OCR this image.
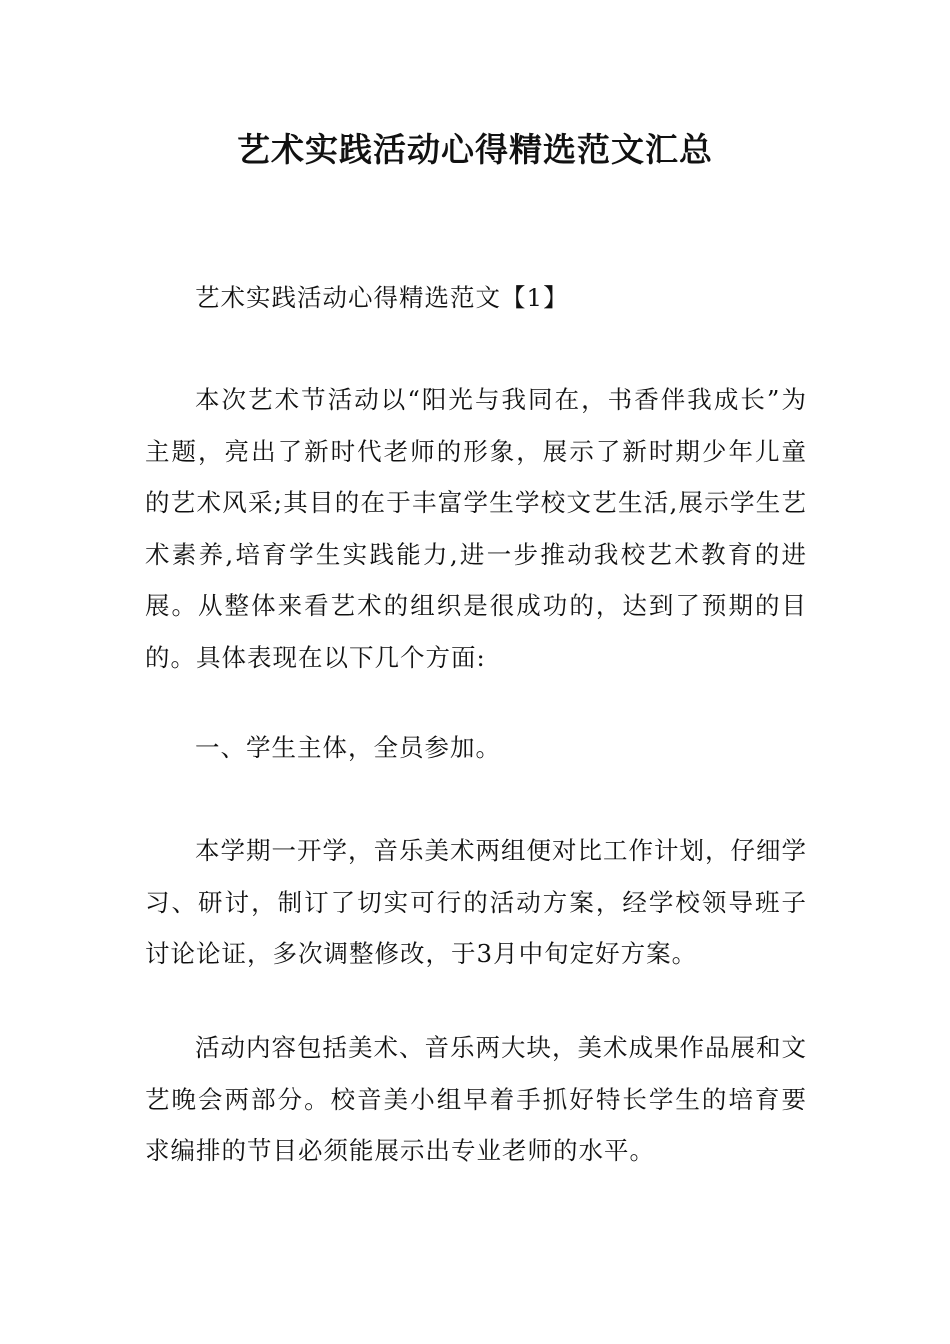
艺术实践活动心得精选范文汇总

艺术实践活动心得精选范文【1】

本次艺术节活动以“阳光与我同在，书香伴我成长”为主题，亮出了新时代老师的形象，展示了新时期少年儿童的艺术风采;其目的在于丰富学生学校文艺生活,展示学生艺术素养,培育学生实践能力,进一步推动我校艺术教育的进展。从整体来看艺术的组织是很成功的，达到了预期的目的。具体表现在以下几个方面:

一、学生主体，全员参加。

本学期一开学，音乐美术两组便对比工作计划，仔细学习、研讨，制订了切实可行的活动方案，经学校领导班子讨论论证，多次调整修改，于3月中旬定好方案。

活动内容包括美术、音乐两大块，美术成果作品展和文艺晚会两部分。校音美小组早着手抓好特长学生的培育要求编排的节目必须能展示出专业老师的水平。
